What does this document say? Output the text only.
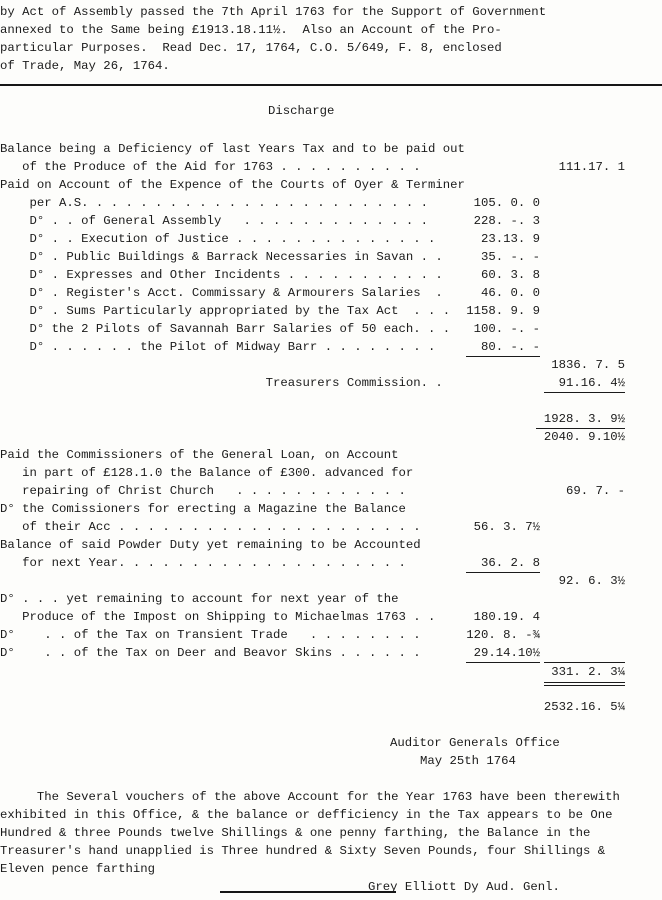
by Act of Assembly passed the 7th April 1763 for the Support of Government
annexed to the Same being £1913.18.11½.  Also an Account of the Pro-
particular Purposes.  Read Dec. 17, 1764, C.O. 5/649, F. 8, enclosed
of Trade, May 26, 1764.
Discharge
Balance being a Deficiency of last Years Tax and to be paid out
of the Produce of the Aid for 1763 . . . . . . . . . .	111.17. 1
Paid on Account of the Expence of the Courts of Oyer & Terminer
per A.S. . . . . . . . . . . . . . . . . . . . . . . .	105. 0. 0
D° . . of General Assembly   . . . . . . . . . . . . .	228. -. 3
D° . . Execution of Justice . . . . . . . . . . . . . .	23.13. 9
D° . Public Buildings & Barrack Necessaries in Savan . .	35. -. -
D° . Expresses and Other Incidents . . . . . . . . . . .	60. 3. 8
D° . Register's Acct. Commissary & Armourers Salaries  .	46. 0. 0
D° . Sums Particularly appropriated by the Tax Act  . . . 1158. 9. 9
D° the 2 Pilots of Savannah Barr Salaries of 50 each. . . 100. -. -
D° . . . . . . the Pilot of Midway Barr . . . . . . . .	80. -. -
1836. 7. 5
Treasurers Commission. .	91.16. 4½
1928. 3. 9½
2040. 9.10½
Paid the Commissioners of the General Loan, on Account
in part of £128.1.0 the Balance of £300. advanced for
repairing of Christ Church   . . . . . . . . . . . .	69. 7. -
D° the Comissioners for erecting a Magazine the Balance
of their Acc . . . . . . . . . . . . . . . . . . . . .	56. 3. 7½
Balance of said Powder Duty yet remaining to be Accounted
for next Year. . . . . . . . . . . . . . . . . . . .	36. 2. 8
92. 6. 3½
D° . . . yet remaining to account for next year of the
Produce of the Impost on Shipping to Michaelmas 1763 . .	180.19. 4
D°    . . of the Tax on Transient Trade   . . . . . . . .	120. 8. -¾
D°    . . of the Tax on Deer and Beavor Skins . . . . . .	29.14.10½
331. 2. 3¼
2532.16. 5¼
Auditor Generals Office
May 25th 1764
The Several vouchers of the above Account for the Year 1763 have been therewith
exhibited in this Office, & the balance or defficiency in the Tax appears to be One
Hundred & three Pounds twelve Shillings & one penny farthing, the Balance in the
Treasurer's hand unapplied is Three hundred & Sixty Seven Pounds, four Shillings &
Eleven pence farthing
Grey Elliott Dy Aud. Genl.
